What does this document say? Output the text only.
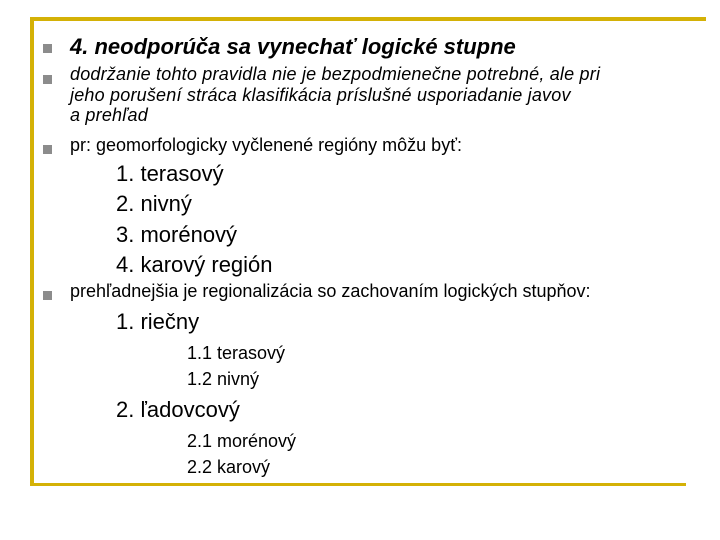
4. neodporúča sa vynechať logické stupne
dodržanie tohto pravidla nie je bezpodmienečne potrebné, ale pri
jeho porušení stráca klasifikácia príslušné usporiadanie javov
a prehľad
pr: geomorfologicky vyčlenené regióny môžu byť:
1. terasový
2. nivný
3. morénový
4. karový región
prehľadnejšia je regionalizácia so zachovaním logických stupňov:
1. riečny
1.1 terasový
1.2 nivný
2. ľadovcový
2.1 morénový
2.2 karový
